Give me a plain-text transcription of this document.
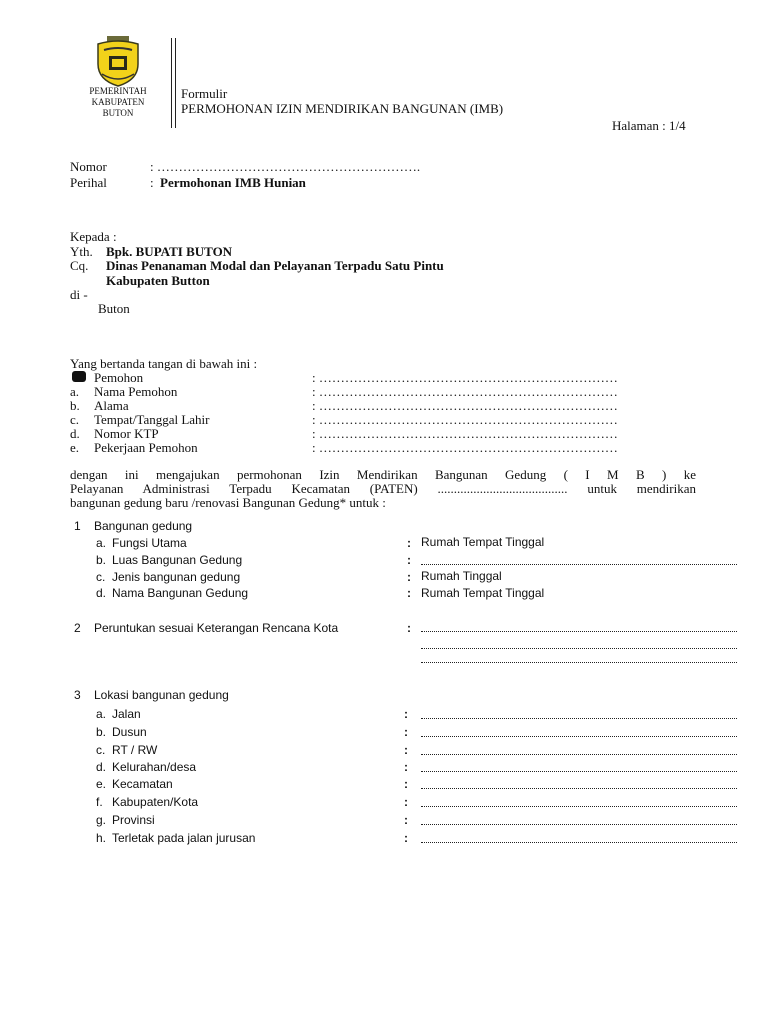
PEMERINTAH
KABUPATEN
BUTON
Formulir
PERMOHONAN IZIN MENDIRIKAN BANGUNAN (IMB)
Halaman : 1/4
Nomor	: …………………………………………………….
Perihal	: Permohonan IMB Hunian
Kepada :
Yth. Bpk. BUPATI BUTON
Cq. Dinas Penanaman Modal dan Pelayanan Terpadu Satu Pintu
Kabupaten Button
di -
Buton
Yang bertanda tangan di bawah ini :
Pemohon	: ……………………………………………………………
a. Nama Pemohon	: ……………………………………………………………
b. Alama	: ……………………………………………………………
c. Tempat/Tanggal Lahir	: ……………………………………………………………
d. Nomor KTP	: ……………………………………………………………
e. Pekerjaan Pemohon	: ……………………………………………………………
dengan ini mengajukan permohonan Izin Mendirikan Bangunan Gedung ( I M B ) ke
Pelayanan Administrasi Terpadu Kecamatan (PATEN) ........................................ untuk mendirikan
bangunan gedung baru /renovasi Bangunan Gedung* untuk :
1 Bangunan gedung
a. Fungsi Utama	: Rumah Tempat Tinggal
b. Luas Bangunan Gedung	:
c. Jenis bangunan gedung	: Rumah Tinggal
d. Nama Bangunan Gedung	: Rumah Tempat Tinggal
2 Peruntukan sesuai Keterangan Rencana Kota	:
3 Lokasi bangunan gedung
a. Jalan	:
b. Dusun	:
c. RT / RW	:
d. Kelurahan/desa	:
e. Kecamatan	:
f. Kabupaten/Kota	:
g. Provinsi	:
h. Terletak pada jalan jurusan	:
